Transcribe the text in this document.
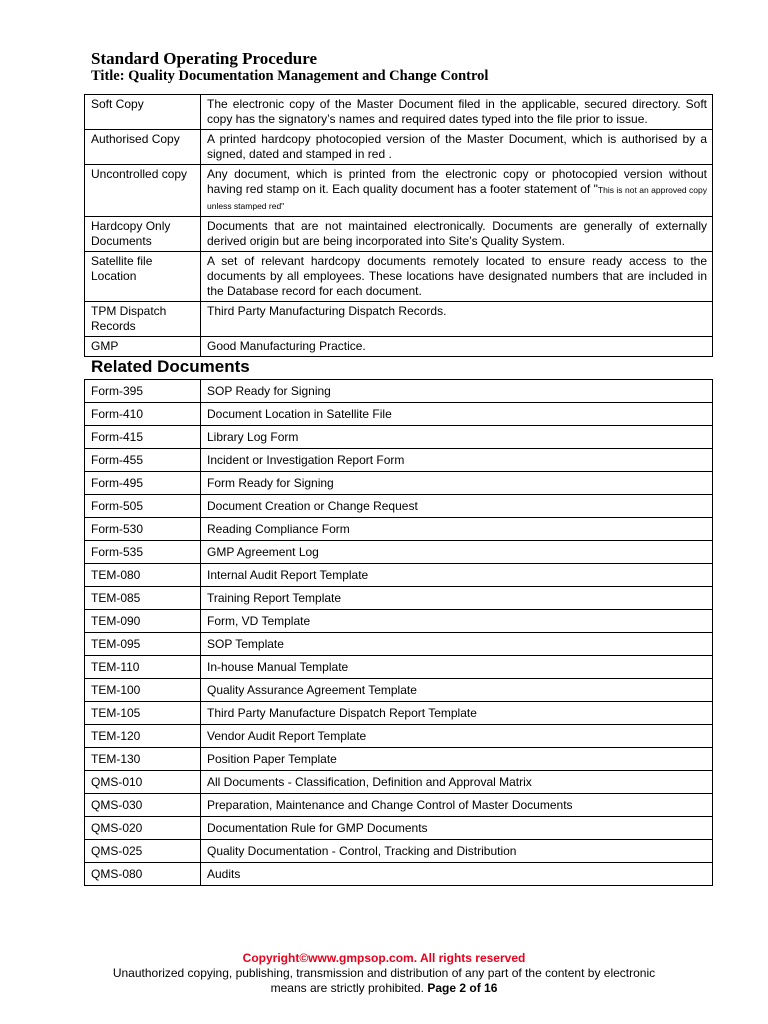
Standard Operating Procedure
Title: Quality Documentation Management and Change Control
Soft Copy	The electronic copy of the Master Document filed in the applicable, secured directory. Soft copy has the signatory’s names and required dates typed into the file prior to issue.
Authorised Copy	A printed hardcopy photocopied version of the Master Document, which is authorised by a signed, dated and stamped in red .
Uncontrolled copy	Any document, which is printed from the electronic copy or photocopied version without having red stamp on it. Each quality document has a footer statement of "This is not an approved copy unless stamped red"
Hardcopy Only Documents	Documents that are not maintained electronically. Documents are generally of externally derived origin but are being incorporated into Site’s Quality System.
Satellite file Location	A set of relevant hardcopy documents remotely located to ensure ready access to the documents by all employees. These locations have designated numbers that are included in the Database record for each document.
TPM Dispatch Records	Third Party Manufacturing Dispatch Records.
GMP	Good Manufacturing Practice.
Related Documents
Form-395	SOP Ready for Signing
Form-410	Document Location in Satellite File
Form-415	Library Log Form
Form-455	Incident or Investigation Report Form
Form-495	Form Ready for Signing
Form-505	Document Creation or Change Request
Form-530	Reading Compliance Form
Form-535	GMP Agreement Log
TEM-080	Internal Audit Report Template
TEM-085	Training Report Template
TEM-090	Form, VD Template
TEM-095	SOP Template
TEM-110	In-house Manual Template
TEM-100	Quality Assurance Agreement Template
TEM-105	Third Party Manufacture Dispatch Report Template
TEM-120	Vendor Audit Report Template
TEM-130	Position Paper Template
QMS-010	All Documents - Classification, Definition and Approval Matrix
QMS-030	Preparation, Maintenance and Change Control of Master Documents
QMS-020	Documentation Rule for GMP Documents
QMS-025	Quality Documentation - Control, Tracking and Distribution
QMS-080	Audits
Copyright©www.gmpsop.com. All rights reserved
Unauthorized copying, publishing, transmission and distribution of any part of the content by electronic
means are strictly prohibited. Page 2 of 16
